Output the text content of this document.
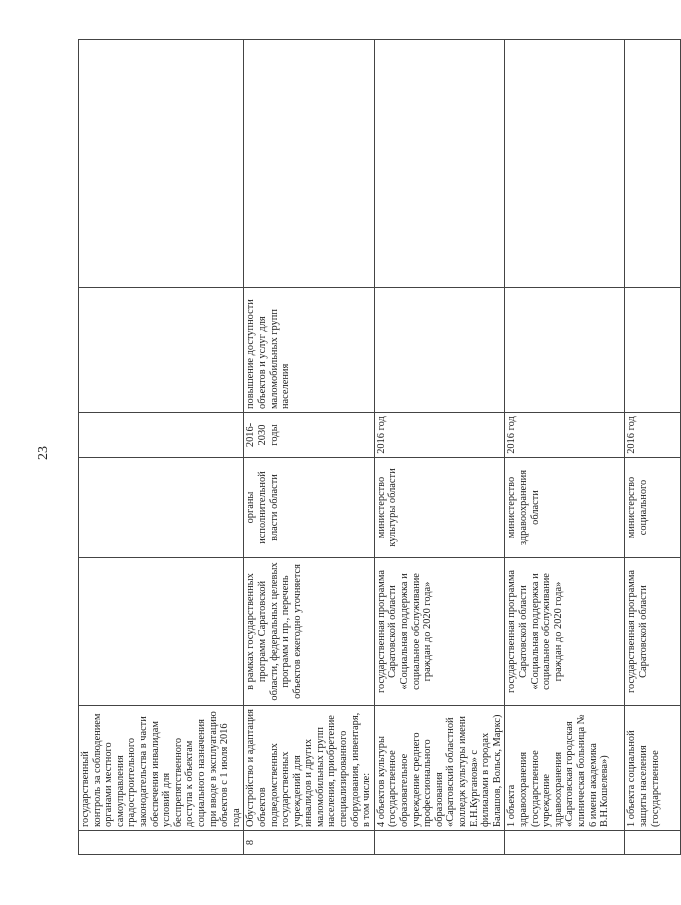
23
	государственный контроль за соблюдением органами местного самоуправления градостроительного законодательства в части обеспечения инвалидам условий для беспрепятственного доступа к объектам социального назначения при вводе в эксплуатацию объектов с 1 июля 2016 года					
8	Обустройство и адаптация объектов подведомственных государственных учреждений для инвалидов и других маломобильных групп населения, приобретение специализированного оборудования, инвентаря, в том числе:	в рамках государственных программ Саратовской области, федеральных целевых программ и пр., перечень объектов ежегодно уточняется	органы исполнительной власти области	2016-2030 годы	повышение доступности объектов и услуг для маломобильных групп населения	
	4 объектов культуры (государственное образовательное учреждение среднего профессионального образования «Саратовский областной колледж культуры имени Е.Н.Курганова» с филиалами в городах Балашов, Вольск, Маркс)	государственная программа Саратовской области «Социальная поддержка и социальное обслуживание граждан до 2020 года»	министерство культуры области	2016 год		
	1 объекта здравоохранения (государственное учреждение здравоохранения «Саратовская городская клиническая больница № 6 имени академика В.Н.Кошелева»)	государственная программа Саратовской области «Социальная поддержка и социальное обслуживание граждан до 2020 года»	министерство здравоохранения области	2016 год		
	1 объекта социальной защиты населения (государственное	государственная программа Саратовской области	министерство социального	2016 год		
